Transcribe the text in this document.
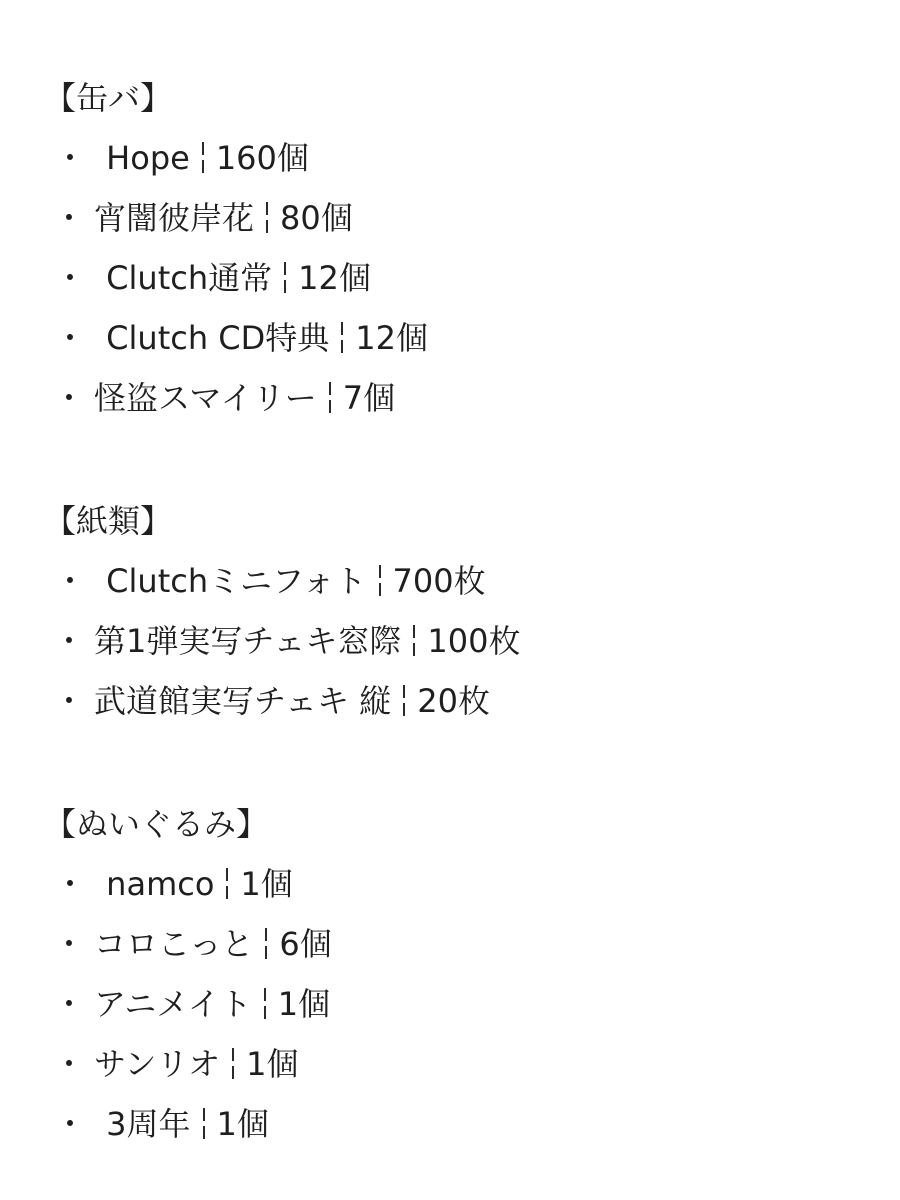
【缶バ】
・ Hope 160個
・ 宵闇彼岸花 80個
・ Clutch通常 12個
・ Clutch CD特典 12個
・ 怪盗スマイリー 7個
【紙類】
・ Clutchミニフォト 700枚
・ 第1弾実写チェキ窓際 100枚
・ 武道館実写チェキ 縦 20枚
【ぬいぐるみ】
・ namco 1個
・ コロこっと 6個
・ アニメイト 1個
・ サンリオ 1個
・ 3周年 1個
